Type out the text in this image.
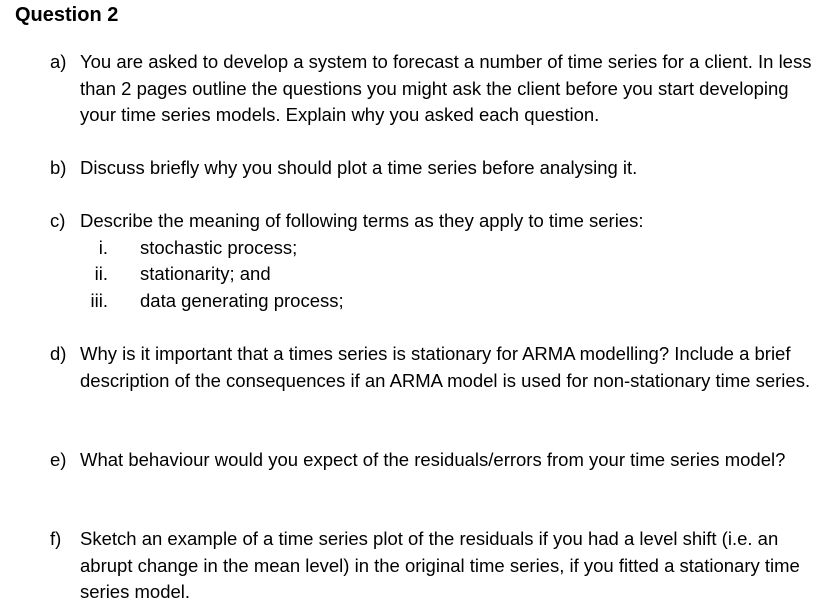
Question 2
a) You are asked to develop a system to forecast a number of time series for a client. In less than 2 pages outline the questions you might ask the client before you start developing your time series models. Explain why you asked each question.
b) Discuss briefly why you should plot a time series before analysing it.
c) Describe the meaning of following terms as they apply to time series:
i. stochastic process;
ii. stationarity; and
iii. data generating process;
d) Why is it important that a times series is stationary for ARMA modelling? Include a brief description of the consequences if an ARMA model is used for non-stationary time series.
e) What behaviour would you expect of the residuals/errors from your time series model?
f) Sketch an example of a time series plot of the residuals if you had a level shift (i.e. an abrupt change in the mean level) in the original time series, if you fitted a stationary time series model.
